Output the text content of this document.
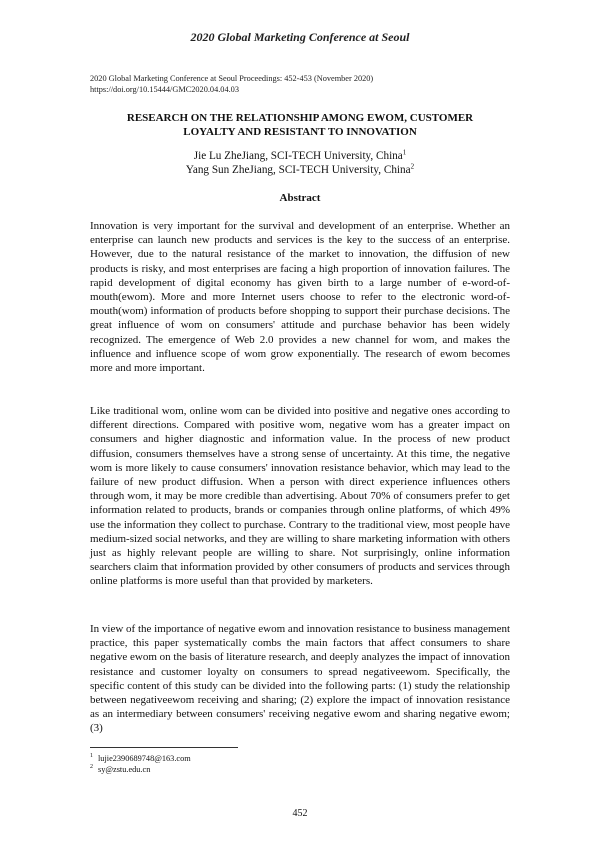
2020 Global Marketing Conference at Seoul
2020 Global Marketing Conference at Seoul Proceedings: 452-453 (November 2020)
https://doi.org/10.15444/GMC2020.04.04.03
RESEARCH ON THE RELATIONSHIP AMONG EWOM, CUSTOMER
LOYALTY AND RESISTANT TO INNOVATION
Jie Lu ZheJiang, SCI-TECH University, China$^1$
Yang Sun ZheJiang, SCI-TECH University, China$^2$
Abstract
Innovation is very important for the survival and development of an enterprise. Whether an enterprise can launch new products and services is the key to the success of an enterprise. However, due to the natural resistance of the market to innovation, the diffusion of new products is risky, and most enterprises are facing a high proportion of innovation failures. The rapid development of digital economy has given birth to a large number of e-word-of-mouth(ewom). More and more Internet users choose to refer to the electronic word-of-mouth(wom) information of products before shopping to support their purchase decisions. The great influence of wom on consumers' attitude and purchase behavior has been widely recognized. The emergence of Web 2.0 provides a new channel for wom, and makes the influence and influence scope of wom grow exponentially. The research of ewom becomes more and more important.
Like traditional wom, online wom can be divided into positive and negative ones according to different directions. Compared with positive wom, negative wom has a greater impact on consumers and higher diagnostic and information value. In the process of new product diffusion, consumers themselves have a strong sense of uncertainty. At this time, the negative wom is more likely to cause consumers' innovation resistance behavior, which may lead to the failure of new product diffusion. When a person with direct experience influences others through wom, it may be more credible than advertising. About 70% of consumers prefer to get information related to products, brands or companies through online platforms, of which 49% use the information they collect to purchase. Contrary to the traditional view, most people have medium-sized social networks, and they are willing to share marketing information with others just as highly relevant people are willing to share. Not surprisingly, online information searchers claim that information provided by other consumers of products and services through online platforms is more useful than that provided by marketers.
In view of the importance of negative ewom and innovation resistance to business management practice, this paper systematically combs the main factors that affect consumers to share negative ewom on the basis of literature research, and deeply analyzes the impact of innovation resistance and customer loyalty on consumers to spread negativeewom. Specifically, the specific content of this study can be divided into the following parts: (1) study the relationship between negativeewom receiving and sharing; (2) explore the impact of innovation resistance as an intermediary between consumers' receiving negative ewom and sharing negative ewom; (3)
$^1$ lujie2390689748@163.com
$^2$ sy@zstu.edu.cn
452
